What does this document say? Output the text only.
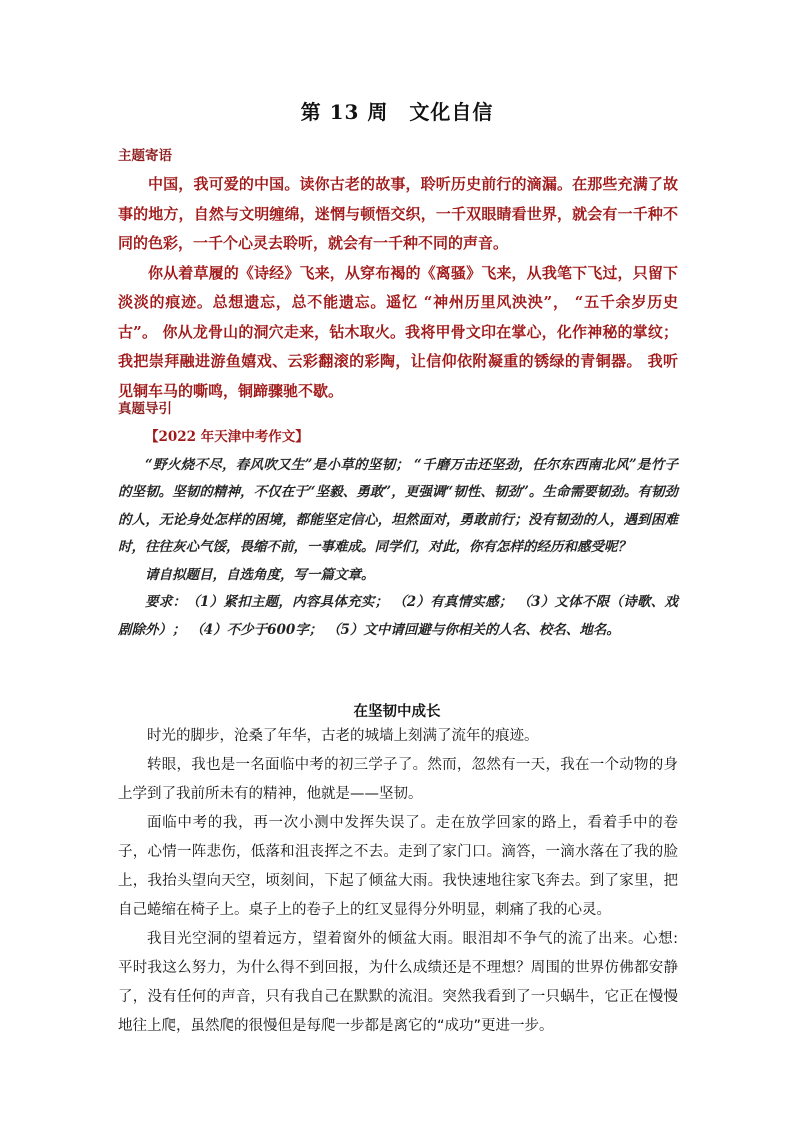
第 13 周　文化自信
主题寄语

中国，我可爱的中国。读你古老的故事，聆听历史前行的滴漏。在那些充满了故事的地方，自然与文明缠绵，迷惘与顿悟交织，一千双眼睛看世界，就会有一千种不同的色彩，一千个心灵去聆听，就会有一千种不同的声音。

你从着草履的《诗经》飞来，从穿布褐的《离骚》飞来，从我笔下飞过，只留下淡淡的痕迹。总想遗忘，总不能遗忘。遥忆 “神州历里风泱泱”， “五千余岁历史古”。 你从龙骨山的洞穴走来，钻木取火。我将甲骨文印在掌心，化作神秘的掌纹；我把崇拜融进游鱼嬉戏、云彩翻滚的彩陶，让信仰依附凝重的锈绿的青铜器。 我听见铜车马的嘶鸣，铜蹄骤驰不歇。

真题导引

【2022 年天津中考作文】

“野火烧不尽，春风吹又生”是小草的坚韧； “千磨万击还坚劲，任尔东西南北风”是竹子的坚韧。坚韧的精神，不仅在于“坚毅、勇敢”，更强调“韧性、韧劲”。生命需要韧劲。有韧劲的人，无论身处怎样的困境，都能坚定信心，坦然面对，勇敢前行；没有韧劲的人，遇到困难时，往往灰心气馁，畏缩不前，一事难成。同学们，对此，你有怎样的经历和感受呢？

请自拟题目，自选角度，写一篇文章。

要求：（1）紧扣主题，内容具体充实； （2）有真情实感； （3）文体不限（诗歌、戏剧除外）； （4）不少于600字； （5）文中请回避与你相关的人名、校名、地名。

在坚韧中成长

时光的脚步，沧桑了年华，古老的城墙上刻满了流年的痕迹。

转眼，我也是一名面临中考的初三学子了。然而，忽然有一天，我在一个动物的身上学到了我前所未有的精神，他就是——坚韧。

面临中考的我，再一次小测中发挥失误了。走在放学回家的路上，看着手中的卷子，心情一阵悲伤，低落和沮丧挥之不去。走到了家门口。滴答，一滴水落在了我的脸上，我抬头望向天空，顷刻间，下起了倾盆大雨。我快速地往家飞奔去。到了家里，把自己蜷缩在椅子上。桌子上的卷子上的红叉显得分外明显，刺痛了我的心灵。

我目光空洞的望着远方，望着窗外的倾盆大雨。眼泪却不争气的流了出来。心想: 平时我这么努力，为什么得不到回报，为什么成绩还是不理想？周围的世界仿佛都安静了，没有任何的声音，只有我自己在默默的流泪。突然我看到了一只蜗牛，它正在慢慢地往上爬，虽然爬的很慢但是每爬一步都是离它的“成功”更进一步。
